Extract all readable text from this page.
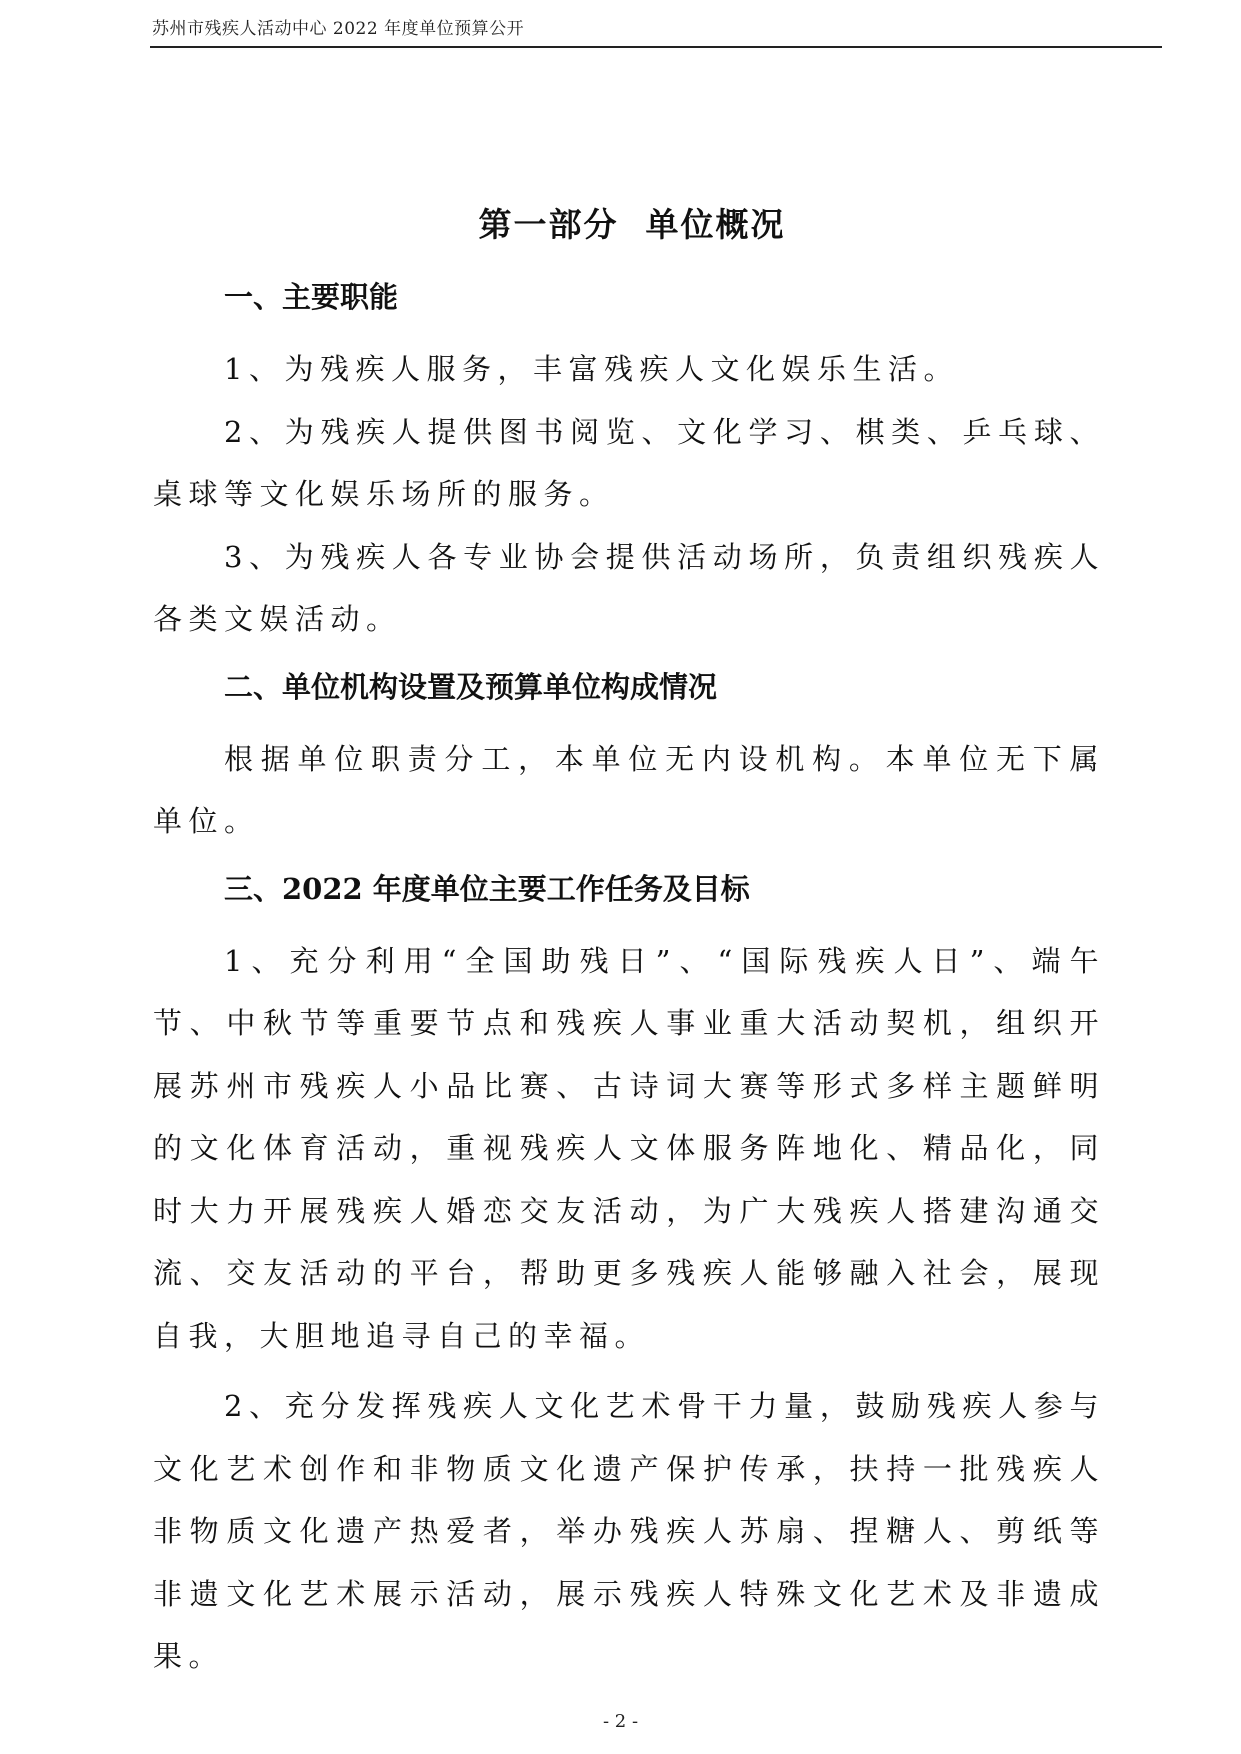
苏州市残疾人活动中心 2022 年度单位预算公开
第一部分  单位概况
一、主要职能

1、为残疾人服务，丰富残疾人文化娱乐生活。

2、为残疾人提供图书阅览、文化学习、棋类、乒乓球、桌球等文化娱乐场所的服务。

3、为残疾人各专业协会提供活动场所，负责组织残疾人各类文娱活动。

二、单位机构设置及预算单位构成情况

根据单位职责分工，本单位无内设机构。本单位无下属单位。

三、2022 年度单位主要工作任务及目标

1、充分利用“全国助残日”、“国际残疾人日”、端午节、中秋节等重要节点和残疾人事业重大活动契机，组织开展苏州市残疾人小品比赛、古诗词大赛等形式多样主题鲜明的文化体育活动，重视残疾人文体服务阵地化、精品化，同时大力开展残疾人婚恋交友活动，为广大残疾人搭建沟通交流、交友活动的平台，帮助更多残疾人能够融入社会，展现自我，大胆地追寻自己的幸福。

2、充分发挥残疾人文化艺术骨干力量，鼓励残疾人参与文化艺术创作和非物质文化遗产保护传承，扶持一批残疾人非物质文化遗产热爱者，举办残疾人苏扇、捏糖人、剪纸等非遗文化艺术展示活动，展示残疾人特殊文化艺术及非遗成果。

- 2 -
